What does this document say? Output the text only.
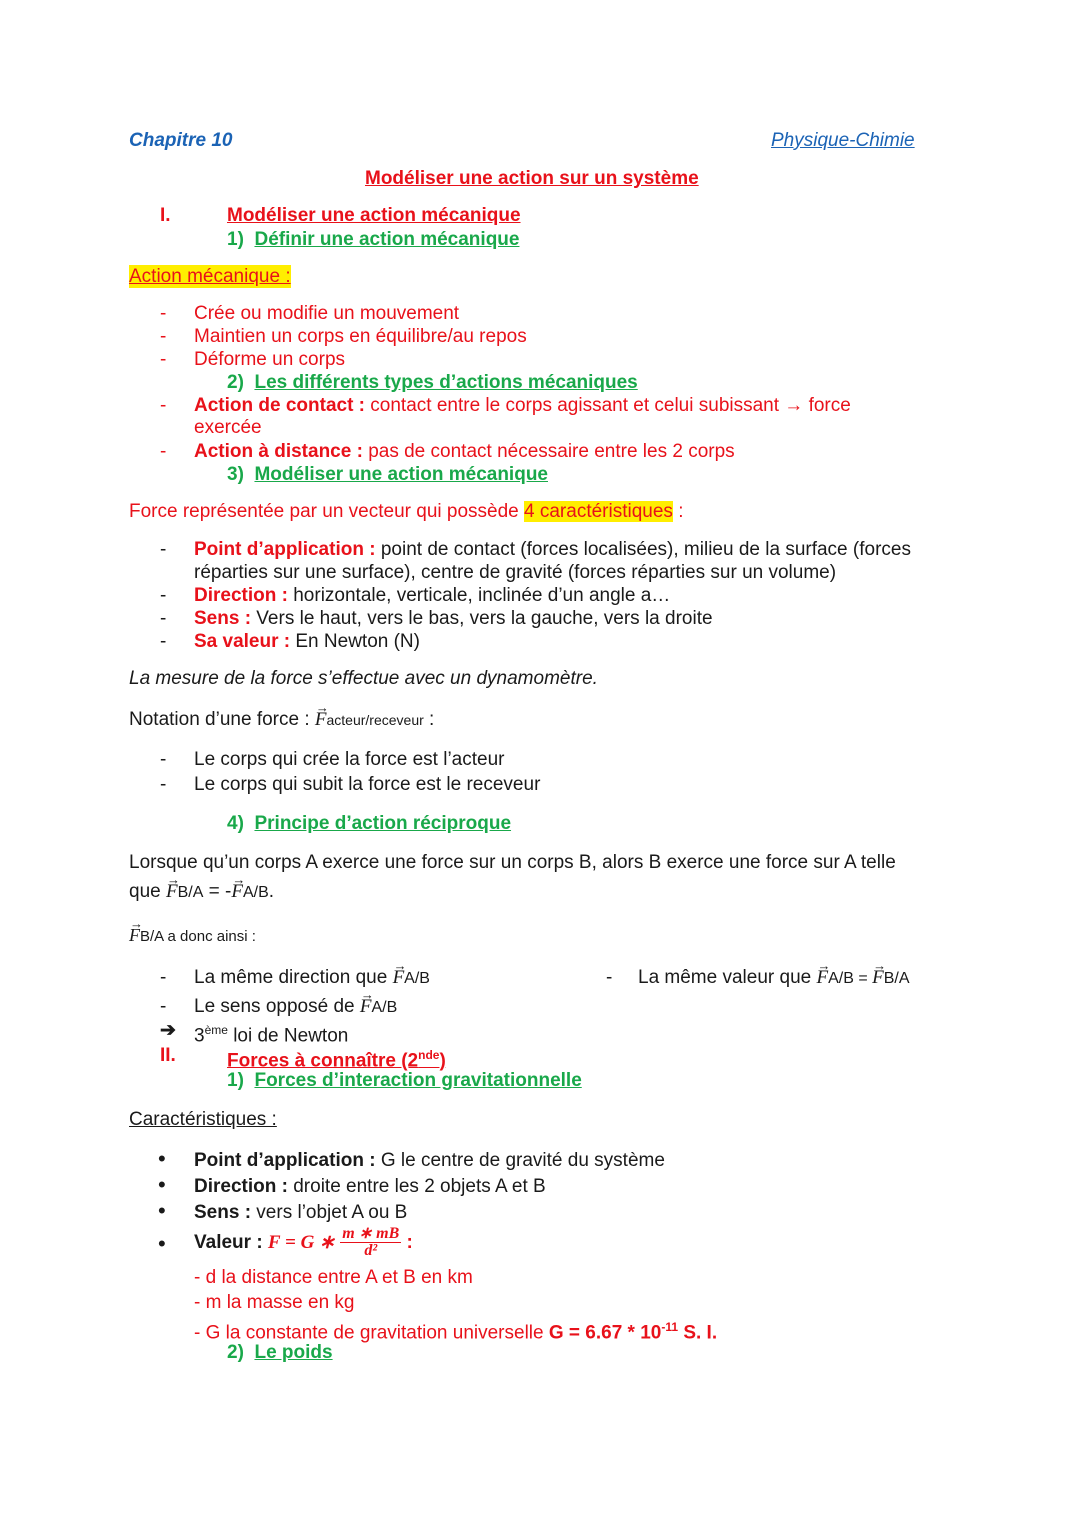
Chapitre 10	Physique-Chimie
Modéliser une action sur un système
I.	Modéliser une action mécanique
1) Définir une action mécanique
Action mécanique :
- Crée ou modifie un mouvement
- Maintien un corps en équilibre/au repos
- Déforme un corps
2) Les différents types d’actions mécaniques
- Action de contact : contact entre le corps agissant et celui subissant → force
exercée
- Action à distance : pas de contact nécessaire entre les 2 corps
3) Modéliser une action mécanique
Force représentée par un vecteur qui possède 4 caractéristiques :
- Point d’application : point de contact (forces localisées), milieu de la surface (forces
réparties sur une surface), centre de gravité (forces réparties sur un volume)
- Direction : horizontale, verticale, inclinée d’un angle a…
- Sens : Vers le haut, vers le bas, vers la gauche, vers la droite
- Sa valeur : En Newton (N)
La mesure de la force s’effectue avec un dynamomètre.
Notation d’une force : → Facteur/receveur :
- Le corps qui crée la force est l’acteur
- Le corps qui subit la force est le receveur
4) Principe d’action réciproque
Lorsque qu’un corps A exerce une force sur un corps B, alors B exerce une force sur A telle
que → FB/A = -→ FA/B.
→ FB/A a donc ainsi :
- La même direction que → FA/B
- Le sens opposé de → FA/B
- La même valeur que → FA/B = → FB/A
➔ 3ème loi de Newton
II.	Forces à connaître (2nde)
1) Forces d’interaction gravitationnelle
Caractéristiques :
• Point d’application : G le centre de gravité du système
• Direction : droite entre les 2 objets A et B
• Sens : vers l’objet A ou B
• Valeur : F = G ∗ $\frac{m ∗ mB}{\text{d²}}$ :
- d la distance entre A et B en km
- m la masse en kg
- G la constante de gravitation universelle $G = 6.67 * 10^{-11}$ S. I.
2) Le poids
